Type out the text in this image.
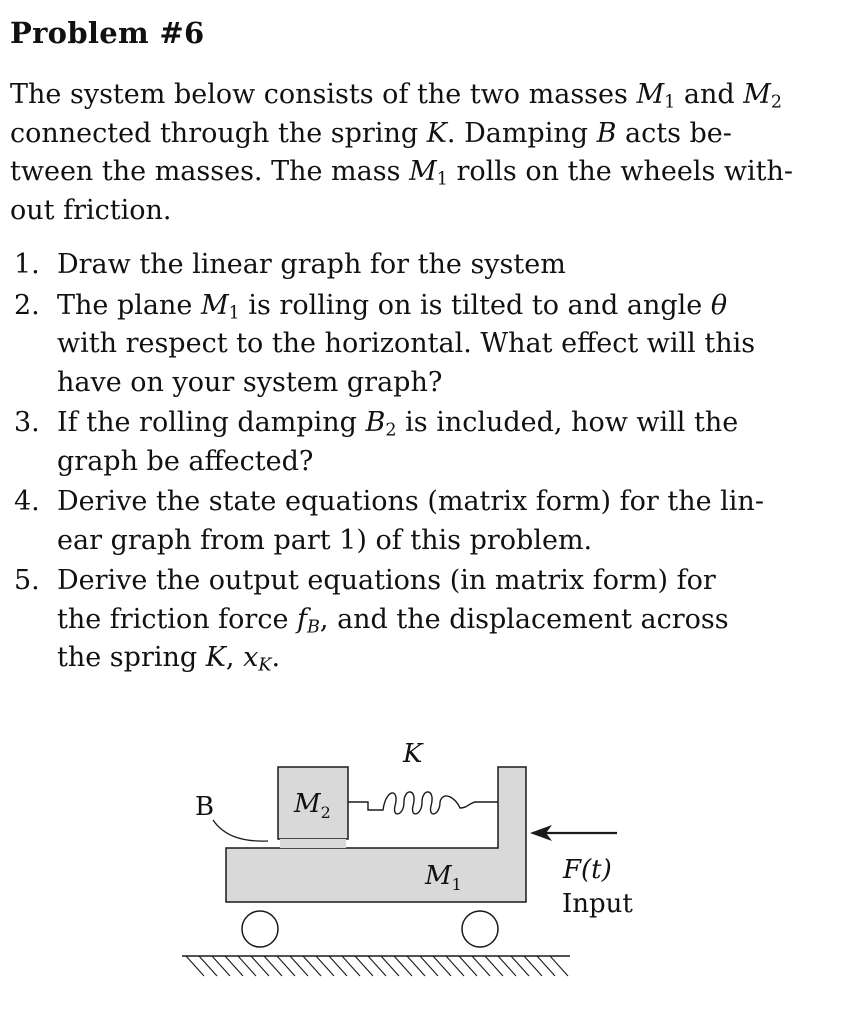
Problem #6
The system below consists of the two masses $M_1$ and $M_2$
connected through the spring K. Damping B acts be-
tween the masses. The mass $M_1$ rolls on the wheels with-
out friction.
1. Draw the linear graph for the system
2. The plane $M_1$ is rolling on is tilted to and angle θ
with respect to the horizontal. What effect will this
have on your system graph?
3. If the rolling damping $B_2$ is included, how will the
graph be affected?
4. Derive the state equations (matrix form) for the lin-
ear graph from part 1) of this problem.
5. Derive the output equations (in matrix form) for
the friction force $f_B$, and the displacement across
the spring K, $x_K$.
K
B	$M_2$
$M_1$	F(t)
Input
